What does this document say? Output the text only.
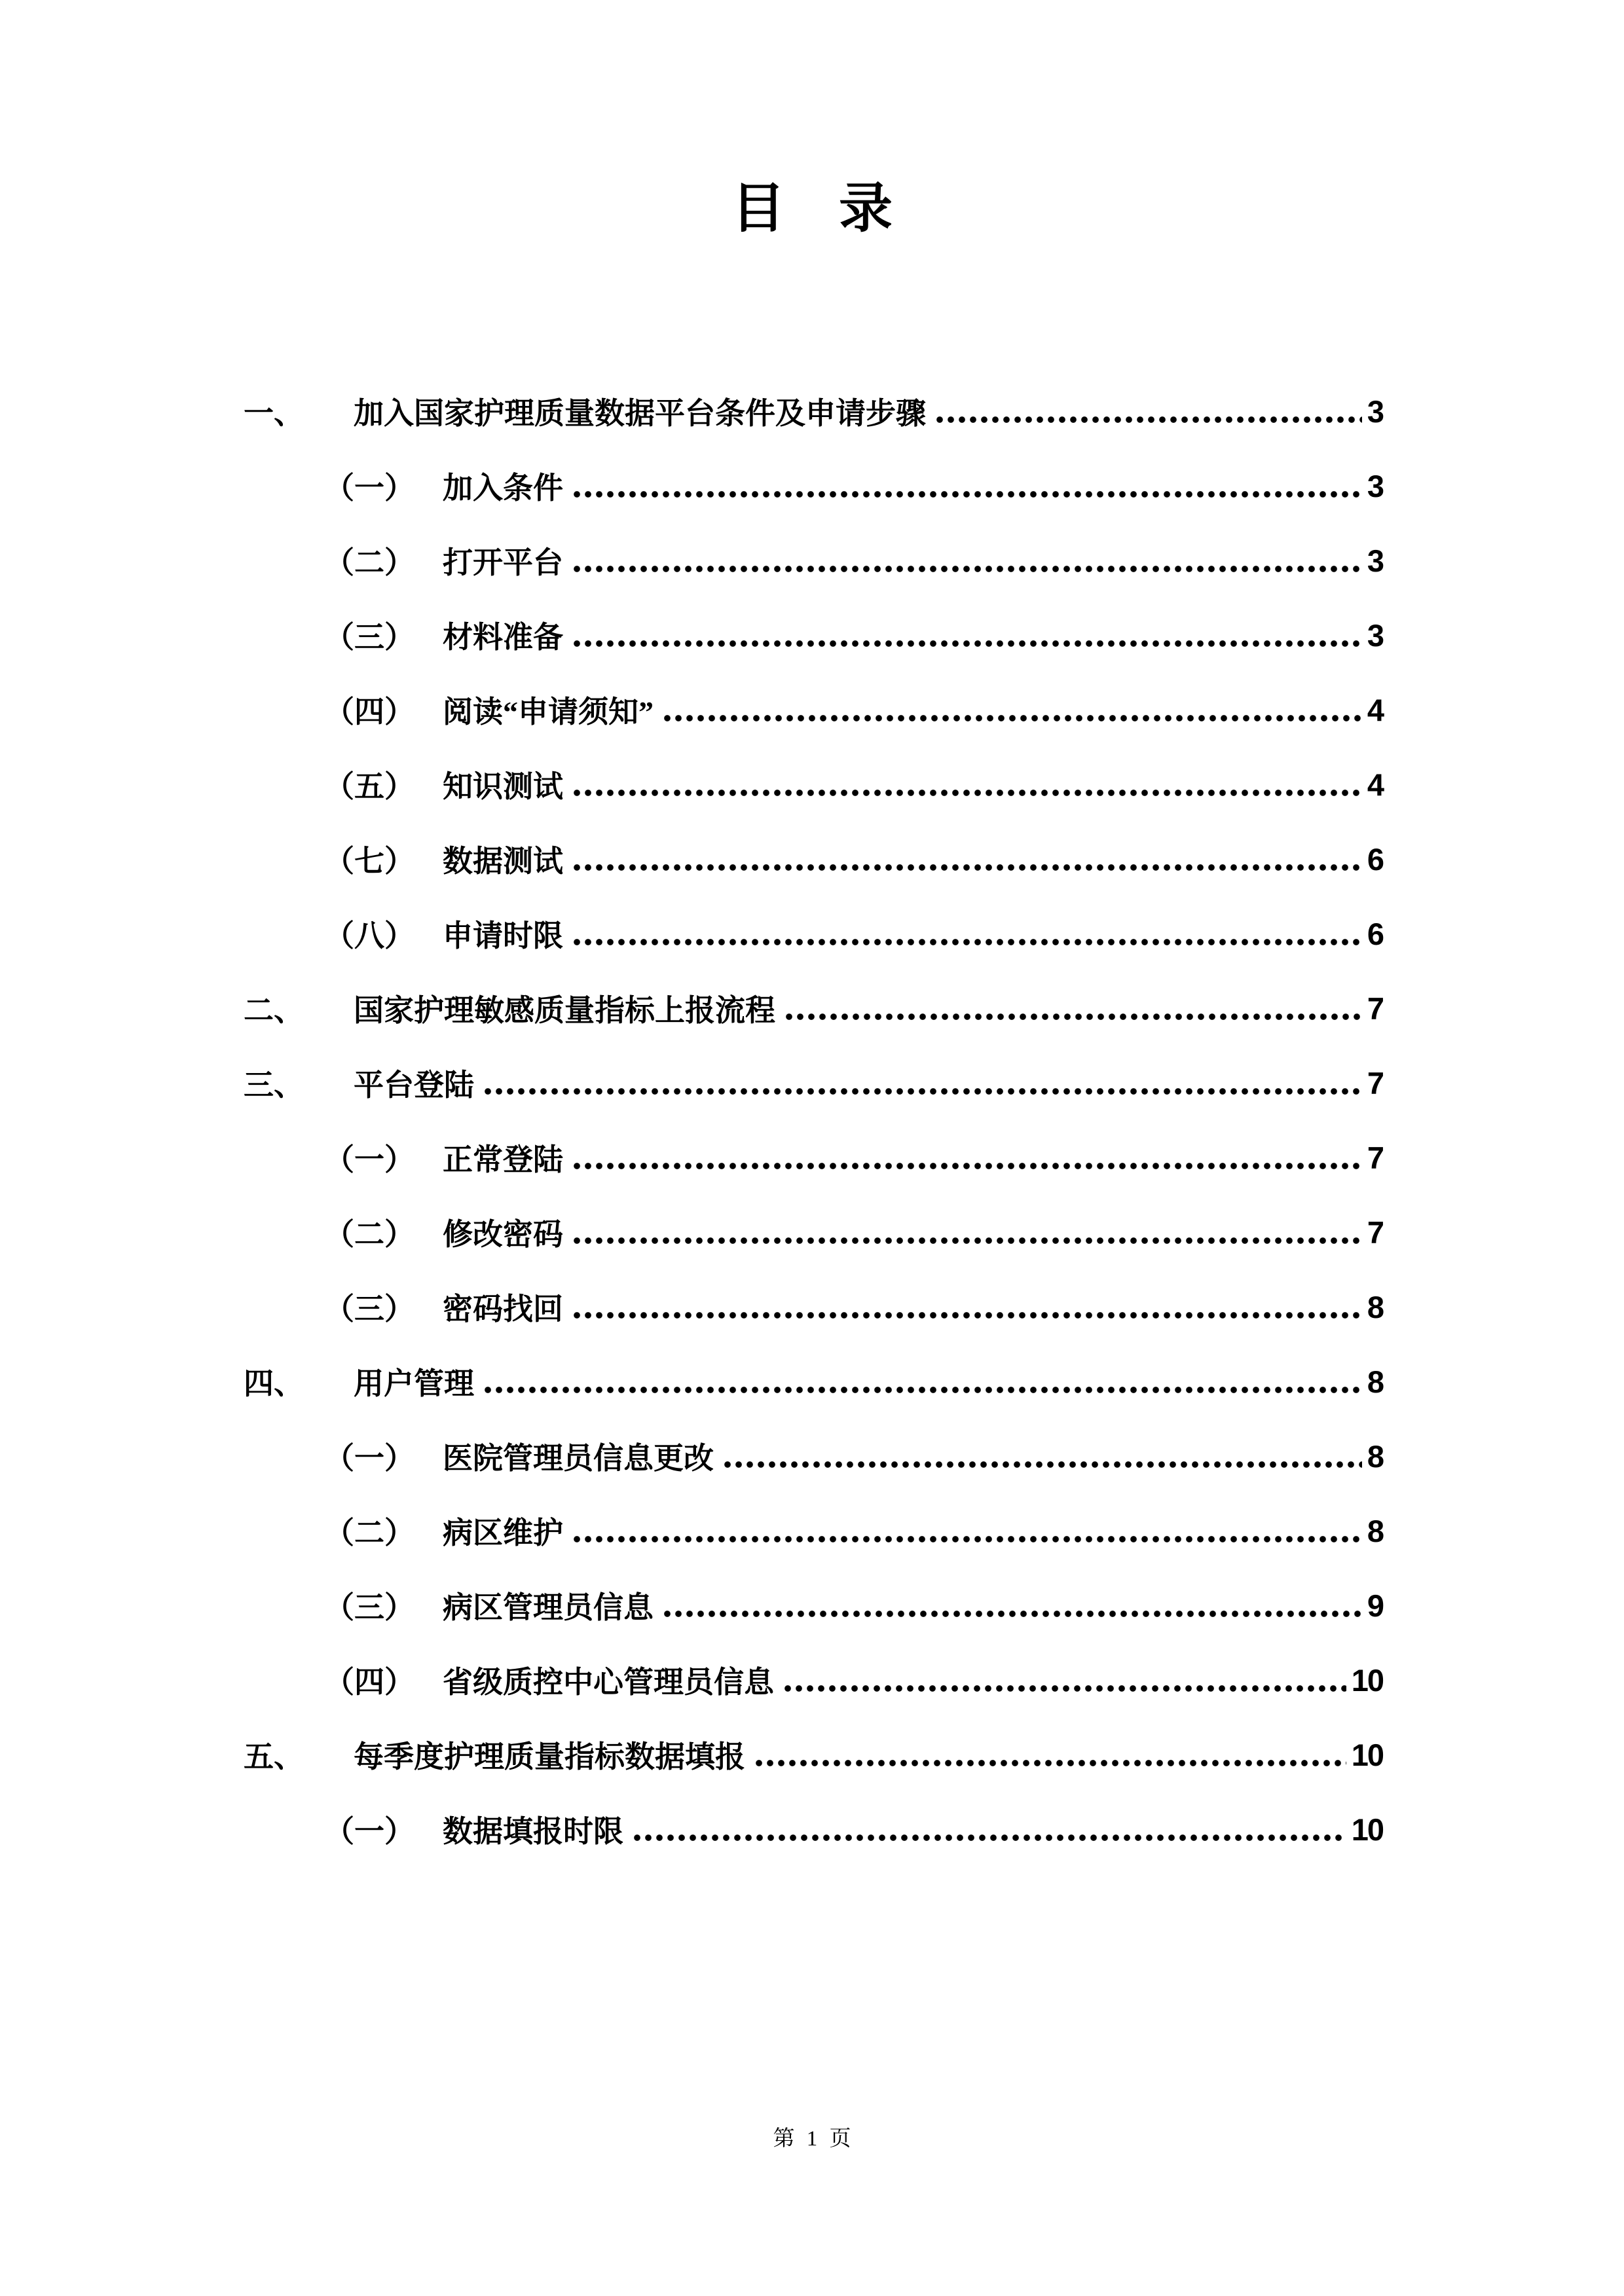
目　录
一、	加入国家护理质量数据平台条件及申请步骤	3
（一） 加入条件	3
（二） 打开平台	3
（三） 材料准备	3
（四） 阅读“申请须知”	4
（五） 知识测试	4
（七） 数据测试	6
（八） 申请时限	6
二、	国家护理敏感质量指标上报流程	7
三、	平台登陆	7
（一） 正常登陆	7
（二） 修改密码	7
（三） 密码找回	8
四、	用户管理	8
（一） 医院管理员信息更改	8
（二） 病区维护	8
（三） 病区管理员信息	9
（四） 省级质控中心管理员信息	10
五、	每季度护理质量指标数据填报	10
（一） 数据填报时限	10
第 1 页
